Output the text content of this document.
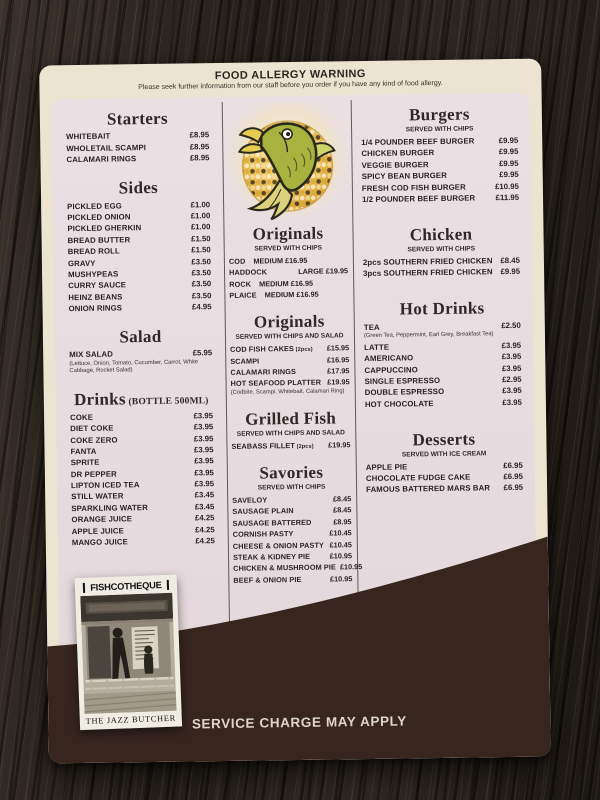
FOOD ALLERGY WARNING
Please seek further information from our staff before you order if you have any kind of food allergy.
Starters
WHITEBAIT	£8.95
WHOLETAIL SCAMPI	£8.95
CALAMARI RINGS	£8.95
Sides
PICKLED EGG	£1.00
PICKLED ONION	£1.00
PICKLED GHERKIN	£1.00
BREAD BUTTER	£1.50
BREAD ROLL	£1.50
GRAVY	£3.50
MUSHYPEAS	£3.50
CURRY SAUCE	£3.50
HEINZ BEANS	£3.50
ONION RINGS	£4.95
Salad
MIX SALAD	£5.95
(Lettuce, Onion, Tomato, Cucumber, Carrot, White Cabbage, Rocket Salad)
Drinks (BOTTLE 500ML)
COKE	£3.95
DIET COKE	£3.95
COKE ZERO	£3.95
FANTA	£3.95
SPRITE	£3.95
DR PEPPER	£3.95
LIPTON ICED TEA	£3.95
STILL WATER	£3.45
SPARKLING WATER	£3.45
ORANGE JUICE	£4.25
APPLE JUICE	£4.25
MANGO JUICE	£4.25
Originals
SERVED WITH CHIPS
COD MEDIUM £16.95
HADDOCK	LARGE £19.95
ROCK MEDIUM £16.95
PLAICE MEDIUM £16.95
Originals
SERVED WITH CHIPS AND SALAD
COD FISH CAKES (2pcs)	£15.95
SCAMPI	£16.95
CALAMARI RINGS	£17.95
HOT SEAFOOD PLATTER £19.95
(Codbite, Scampi, Whitebait, Calamari Ring)
Grilled Fish
SERVED WITH CHIPS AND SALAD
SEABASS FILLET (2pcs)	£19.95
Savories
SERVED WITH CHIPS
SAVELOY	£8.45
SAUSAGE PLAIN	£8.45
SAUSAGE BATTERED	£8.95
CORNISH PASTY	£10.45
CHEESE & ONION PASTY £10.45
STEAK & KIDNEY PIE	£10.95
CHICKEN & MUSHROOM PIE £10.95
BEEF & ONION PIE	£10.95
Burgers
SERVED WITH CHIPS
1/4 POUNDER BEEF BURGER	£9.95
CHICKEN BURGER	£9.95
VEGGIE BURGER	£9.95
SPICY BEAN BURGER	£9.95
FRESH COD FISH BURGER	£10.95
1/2 POUNDER BEEF BURGER	£11.95
Chicken
SERVED WITH CHIPS
2pcs SOUTHERN FRIED CHICKEN £8.45
3pcs SOUTHERN FRIED CHICKEN £9.95
Hot Drinks
TEA	£2.50
(Green Tea, Peppermint, Earl Grey, Breakfast Tea)
LATTE	£3.95
AMERICANO	£3.95
CAPPUCCINO	£3.95
SINGLE ESPRESSO	£2.95
DOUBLE ESPRESSO	£3.95
HOT CHOCOLATE	£3.95
Desserts
SERVED WITH ICE CREAM
APPLE PIE	£6.95
CHOCOLATE FUDGE CAKE	£6.95
FAMOUS BATTERED MARS BAR	£6.95
SERVICE CHARGE MAY APPLY
FISHCOTHEQUE
THE JAZZ BUTCHER
